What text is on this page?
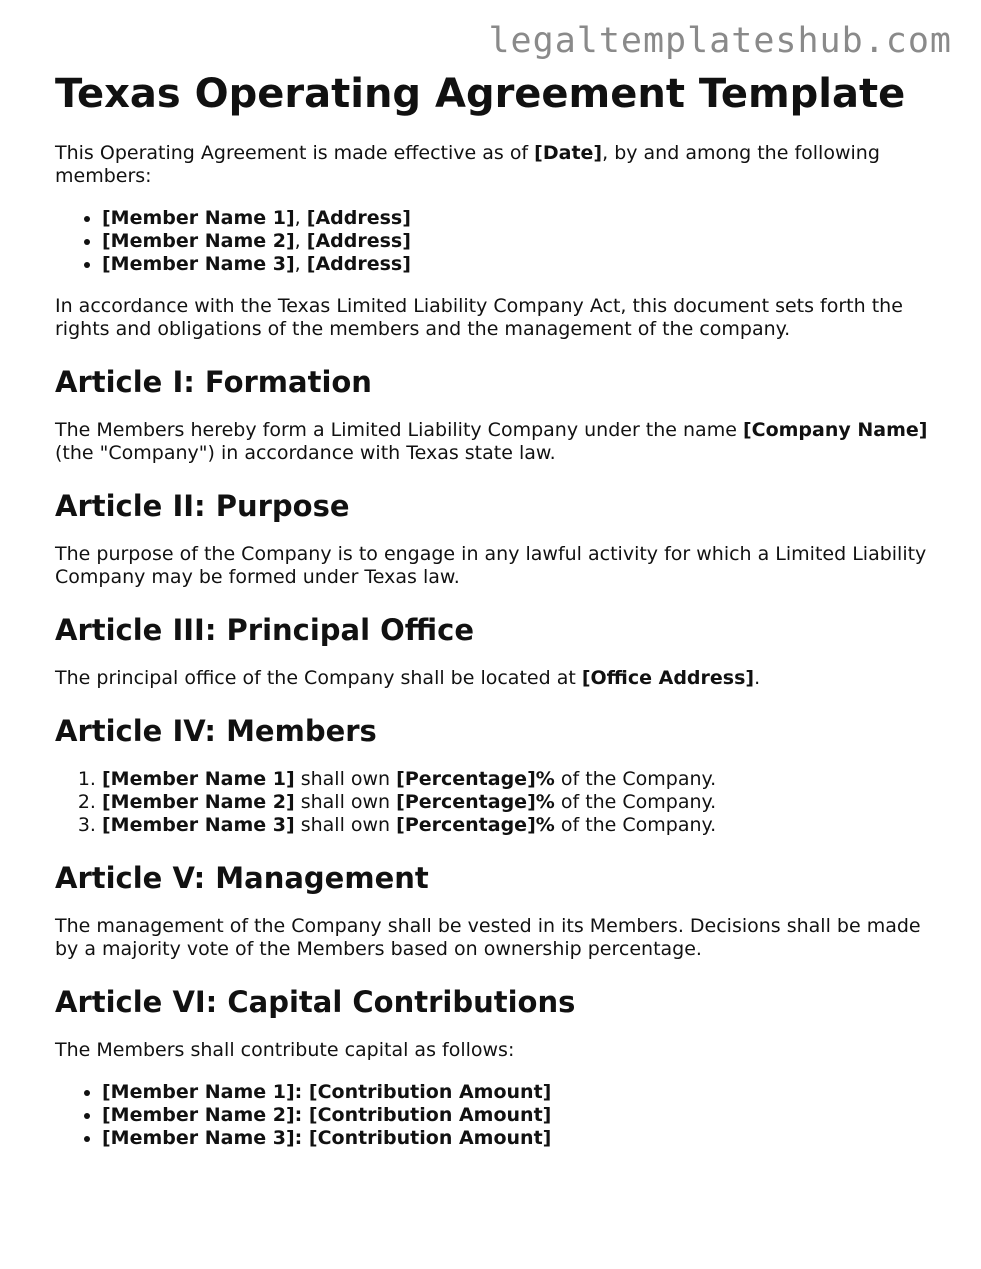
legaltemplateshub.com

Texas Operating Agreement Template

This Operating Agreement is made effective as of [Date], by and among the following members:

• [Member Name 1], [Address]
• [Member Name 2], [Address]
• [Member Name 3], [Address]

In accordance with the Texas Limited Liability Company Act, this document sets forth the rights and obligations of the members and the management of the company.

Article I: Formation

The Members hereby form a Limited Liability Company under the name [Company Name] (the "Company") in accordance with Texas state law.

Article II: Purpose

The purpose of the Company is to engage in any lawful activity for which a Limited Liability Company may be formed under Texas law.

Article III: Principal Office

The principal office of the Company shall be located at [Office Address].

Article IV: Members
1. [Member Name 1] shall own [Percentage]% of the Company.
2. [Member Name 2] shall own [Percentage]% of the Company.
3. [Member Name 3] shall own [Percentage]% of the Company.
Article V: Management

The management of the Company shall be vested in its Members. Decisions shall be made by a majority vote of the Members based on ownership percentage.

Article VI: Capital Contributions

The Members shall contribute capital as follows:

• [Member Name 1]: [Contribution Amount]
• [Member Name 2]: [Contribution Amount]
• [Member Name 3]: [Contribution Amount]
